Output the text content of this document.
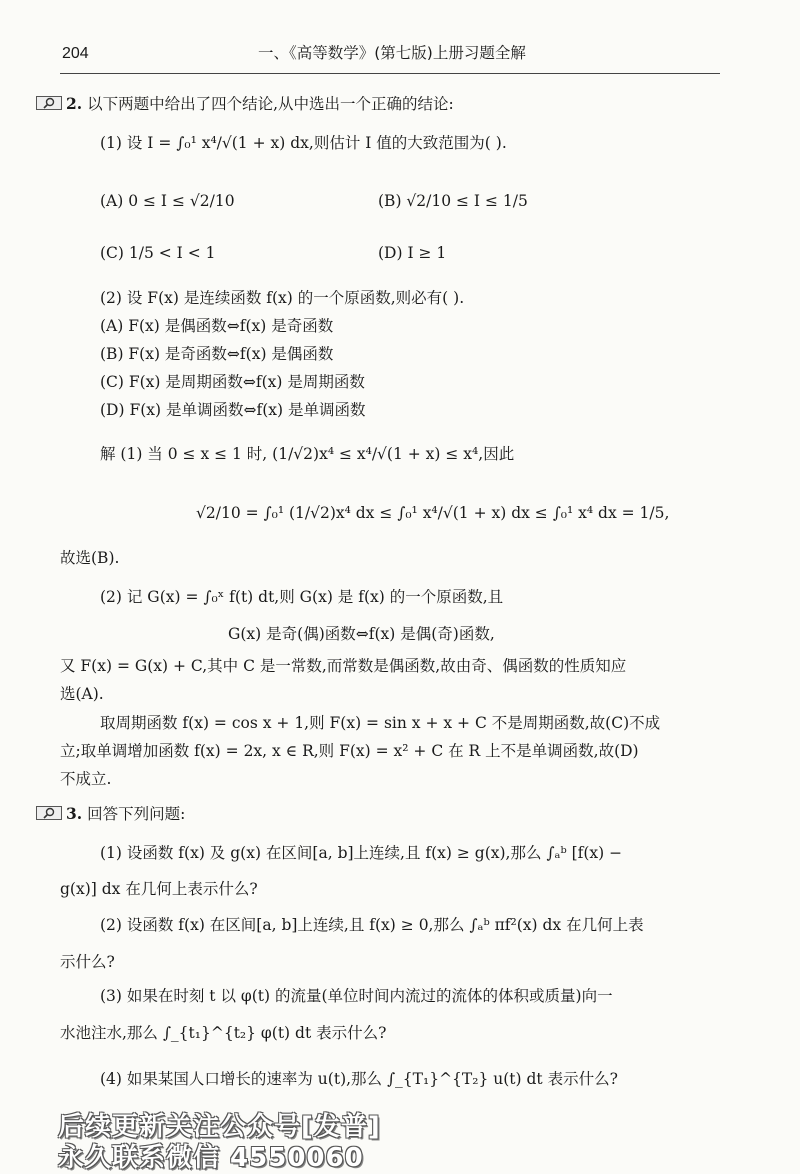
204	一、《高等数学》(第七版)上册习题全解
2. 以下两题中给出了四个结论,从中选出一个正确的结论:
(1) 设 I = ∫₀¹ x⁴/√(1 + x) dx,则估计 I 值的大致范围为( ).
(A) 0 ≤ I ≤ √2/10	(B) √2/10 ≤ I ≤ 1/5
(C) 1/5 < I < 1	(D) I ≥ 1
(2) 设 F(x) 是连续函数 f(x) 的一个原函数,则必有( ).
(A) F(x) 是偶函数⇔f(x) 是奇函数
(B) F(x) 是奇函数⇔f(x) 是偶函数
(C) F(x) 是周期函数⇔f(x) 是周期函数
(D) F(x) 是单调函数⇔f(x) 是单调函数
解 (1) 当 0 ≤ x ≤ 1 时, (1/√2)x⁴ ≤ x⁴/√(1 + x) ≤ x⁴,因此
√2/10 = ∫₀¹ (1/√2)x⁴ dx ≤ ∫₀¹ x⁴/√(1 + x) dx ≤ ∫₀¹ x⁴ dx = 1/5,
故选(B).
(2) 记 G(x) = ∫₀ˣ f(t) dt,则 G(x) 是 f(x) 的一个原函数,且
G(x) 是奇(偶)函数⇔f(x) 是偶(奇)函数,
又 F(x) = G(x) + C,其中 C 是一常数,而常数是偶函数,故由奇、偶函数的性质知应
选(A).
取周期函数 f(x) = cos x + 1,则 F(x) = sin x + x + C 不是周期函数,故(C)不成
立;取单调增加函数 f(x) = 2x, x ∈ R,则 F(x) = x² + C 在 R 上不是单调函数,故(D)
不成立.
3. 回答下列问题:
(1) 设函数 f(x) 及 g(x) 在区间[a, b]上连续,且 f(x) ≥ g(x),那么 ∫ₐᵇ [f(x) −
g(x)] dx 在几何上表示什么?
(2) 设函数 f(x) 在区间[a, b]上连续,且 f(x) ≥ 0,那么 ∫ₐᵇ πf²(x) dx 在几何上表
示什么?
(3) 如果在时刻 t 以 φ(t) 的流量(单位时间内流过的流体的体积或质量)向一
水池注水,那么 ∫_{t₁}^{t₂} φ(t) dt 表示什么?
(4) 如果某国人口增长的速率为 u(t),那么 ∫_{T₁}^{T₂} u(t) dt 表示什么?
后续更新关注公众号[发普]
永久联系微信 4550060
